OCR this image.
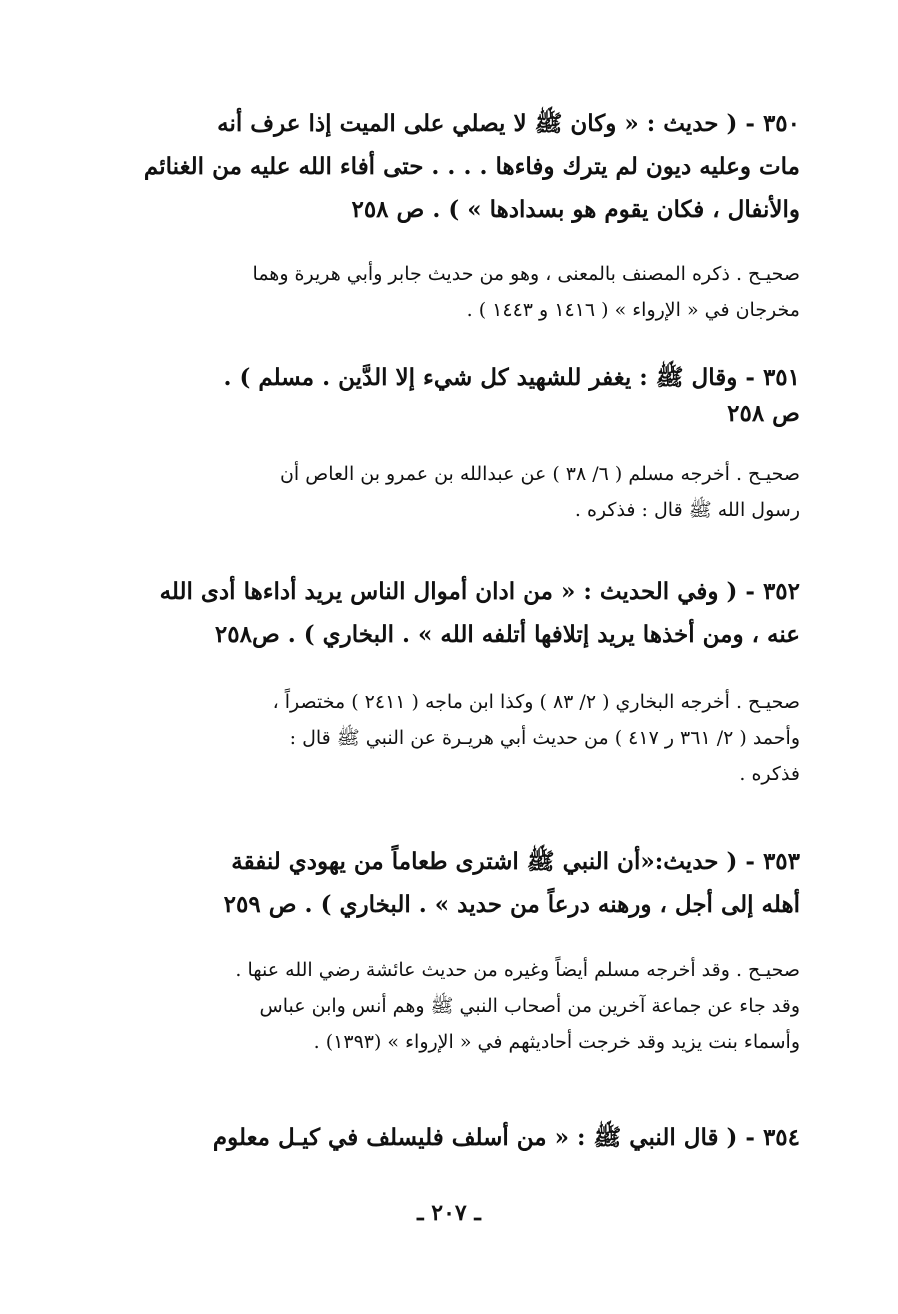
٣٥٠ - ( حديث : « وكان ﷺ لا يصلي على الميت إذا عرف أنه
مات وعليه ديون لم يترك وفاءها . . . . حتى أفاء الله عليه من الغنائم
والأنفال ، فكان يقوم هو بسدادها » ) . ص ٢٥٨
صحيـح . ذكره المصنف بالمعنى ، وهو من حديث جابر وأبي هريرة وهما
مخرجان في « الإرواء » ( ١٤١٦ و ١٤٤٣ ) .
٣٥١ - وقال ﷺ : يغفر للشهيد كل شيء إلا الدَّين . مسلم ) .
ص ٢٥٨
صحيـح . أخرجه مسلم ( ٦/ ٣٨ ) عن عبدالله بن عمرو بن العاص أن
رسول الله ﷺ قال : فذكره .
٣٥٢ - ( وفي الحديث : « من ادان أموال الناس يريد أداءها أدى الله
عنه ، ومن أخذها يريد إتلافها أتلفه الله » . البخاري ) . ص٢٥٨
صحيـح . أخرجه البخاري ( ٢/ ٨٣ ) وكذا ابن ماجه ( ٢٤١١ ) مختصراً ،
وأحمد ( ٢/ ٣٦١ ر ٤١٧ ) من حديث أبي هريـرة عن النبي ﷺ قال :
فذكره .
٣٥٣ - ( حديث:«أن النبي ﷺ اشترى طعاماً من يهودي لنفقة
أهله إلى أجل ، ورهنه درعاً من حديد » . البخاري ) . ص ٢٥٩
صحيـح . وقد أخرجه مسلم أيضاً وغيره من حديث عائشة رضي الله عنها .
وقد جاء عن جماعة آخرين من أصحاب النبي ﷺ وهم أنس وابن عباس
وأسماء بنت يزيد وقد خرجت أحاديثهم في « الإرواء » (١٣٩٣) .
٣٥٤ - ( قال النبي ﷺ : « من أسلف فليسلف في كيـل معلوم
ـ ٢٠٧ ـ
